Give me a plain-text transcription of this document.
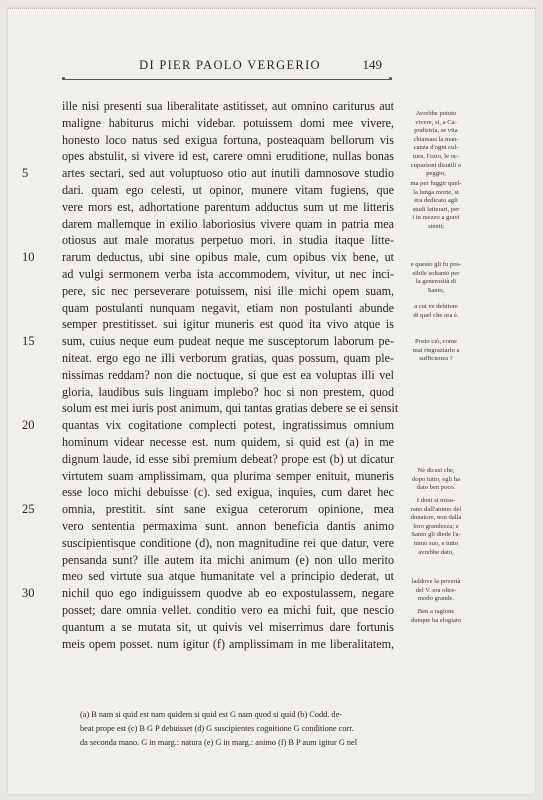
DI PIER PAOLO VERGERIO	149
ille nisi presenti sua liberalitate astitisset, aut omnino cariturus aut
maligne habiturus michi videbar. potuissem domi mee vivere,
honesto loco natus sed exigua fortuna, posteaquam bellorum vis
opes abstulit, si vivere id est, carere omni eruditione, nullas bonas
5	artes sectari, sed aut voluptuoso otio aut inutili damnosove studio
dari. quam ego celesti, ut opinor, munere vitam fugiens, que
vere mors est, adhortatione parentum adductus sum ut me litteris
darem mallemque in exilio laboriosius vivere quam in patria mea
otiosus aut male moratus perpetuo mori. in studia itaque litte-
10 rarum deductus, ubi sine opibus male, cum opibus vix bene, ut
ad vulgi sermonem verba ista accommodem, vivitur, ut nec inci-
pere, sic nec perseverare potuissem, nisi ille michi opem suam,
quam postulanti nunquam negavit, etiam non postulanti abunde
semper prestitisset. sui igitur muneris est quod ita vivo atque is
15 sum, cuius neque eum pudeat neque me susceptorum laborum pe-
niteat. ergo ego ne illi verborum gratias, quas possum, quam ple-
nissimas reddam? non die noctuque, si que est ea voluptas illi vel
gloria, laudibus suis linguam implebo? hoc si non prestem, quod
solum est mei iuris post animum, qui tantas gratias debere se ei sensit
20 quantas vix cogitatione complecti potest, ingratissimus omnium
hominum videar necesse est. num quidem, si quid est (a) in me
dignum laude, id esse sibi premium debeat? prope est (b) ut dicatur
virtutem suam amplissimam, qua plurima semper enituit, muneris
esse loco michi debuisse (c). sed exigua, inquies, cum daret hec
25 omnia, prestitit. sint sane exigua ceterorum opinione, mea
vero sententia permaxima sunt. annon beneficia dantis animo
suscipientisque conditione (d), non magnitudine rei que datur, vere
pensanda sunt? ille autem ita michi animum (e) non ullo merito
meo sed virtute sua atque humanitate vel a principio dederat, ut
30 nichil quo ego indiguissem quodve ab eo expostulassem, negare
posset; dare omnia vellet. conditio vero ea michi fuit, que nescio
quantum a se mutata sit, ut quivis vel miserrimus dare fortunis
meis opem posset. num igitur (f) amplissimam in me liberalitatem,
Avrebbe potuto
vivere, si, a Ca-
podistria, se vita
chiamasi la man-
canza d'ogni cul-
tura, l'ozio, le oc-
cupazioni disutili o
peggio,
ma per fuggir quel-
la lunga morte, si
era dedicato agli
studi letterari, per
i in mezzo a gravi
stenti;
e questo gli fu pos-
sibile soltanto per
la generosità di
Santo,
a cui ve debitore
di quel che ora è.
Posto ciò, come
mai ringraziarlo a
sufficienza ?
Nè dicasi che,
dopo tutto, egli ha
dato ben poco.
I doni si misu-
rano dall'animo del
donatore, non dalla
loro grandezza; e
Santo gli diede l'a-
nimo suo, e tutto
avrebbe dato,
laddove la povertà
del V. era oltre-
modo grande.
Ben a ragione
dunque ha elogiato
(a) B nam si quid est nam quidem si quid est G nam quod si quid (b) Codd. de-
beat prope est (c) B G P debuisset (d) G suscipientes cognitione G conditione corr.
da seconda mano. G in marg.: natura (e) G in marg.: animo (f) B P aum igitur G nel
